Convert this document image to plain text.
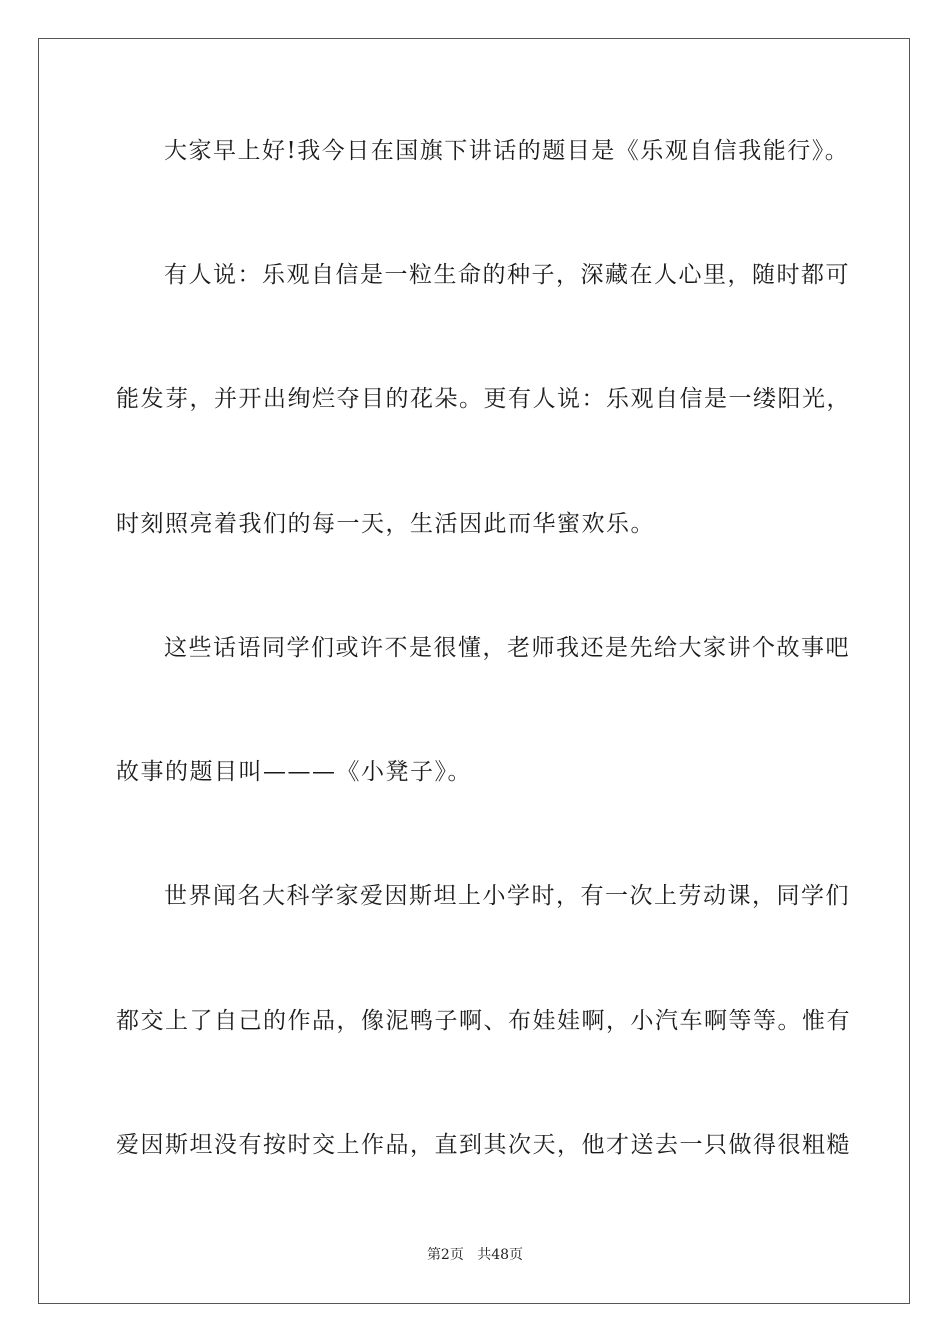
大家早上好!我今日在国旗下讲话的题目是《乐观自信我能行》。
有人说：乐观自信是一粒生命的种子，深藏在人心里，随时都可
能发芽，并开出绚烂夺目的花朵。更有人说：乐观自信是一缕阳光，
时刻照亮着我们的每一天，生活因此而华蜜欢乐。
这些话语同学们或许不是很懂，老师我还是先给大家讲个故事吧
故事的题目叫———《小凳子》。
世界闻名大科学家爱因斯坦上小学时，有一次上劳动课，同学们
都交上了自己的作品，像泥鸭子啊、布娃娃啊，小汽车啊等等。惟有
爱因斯坦没有按时交上作品，直到其次天，他才送去一只做得很粗糙
第2页 共48页
